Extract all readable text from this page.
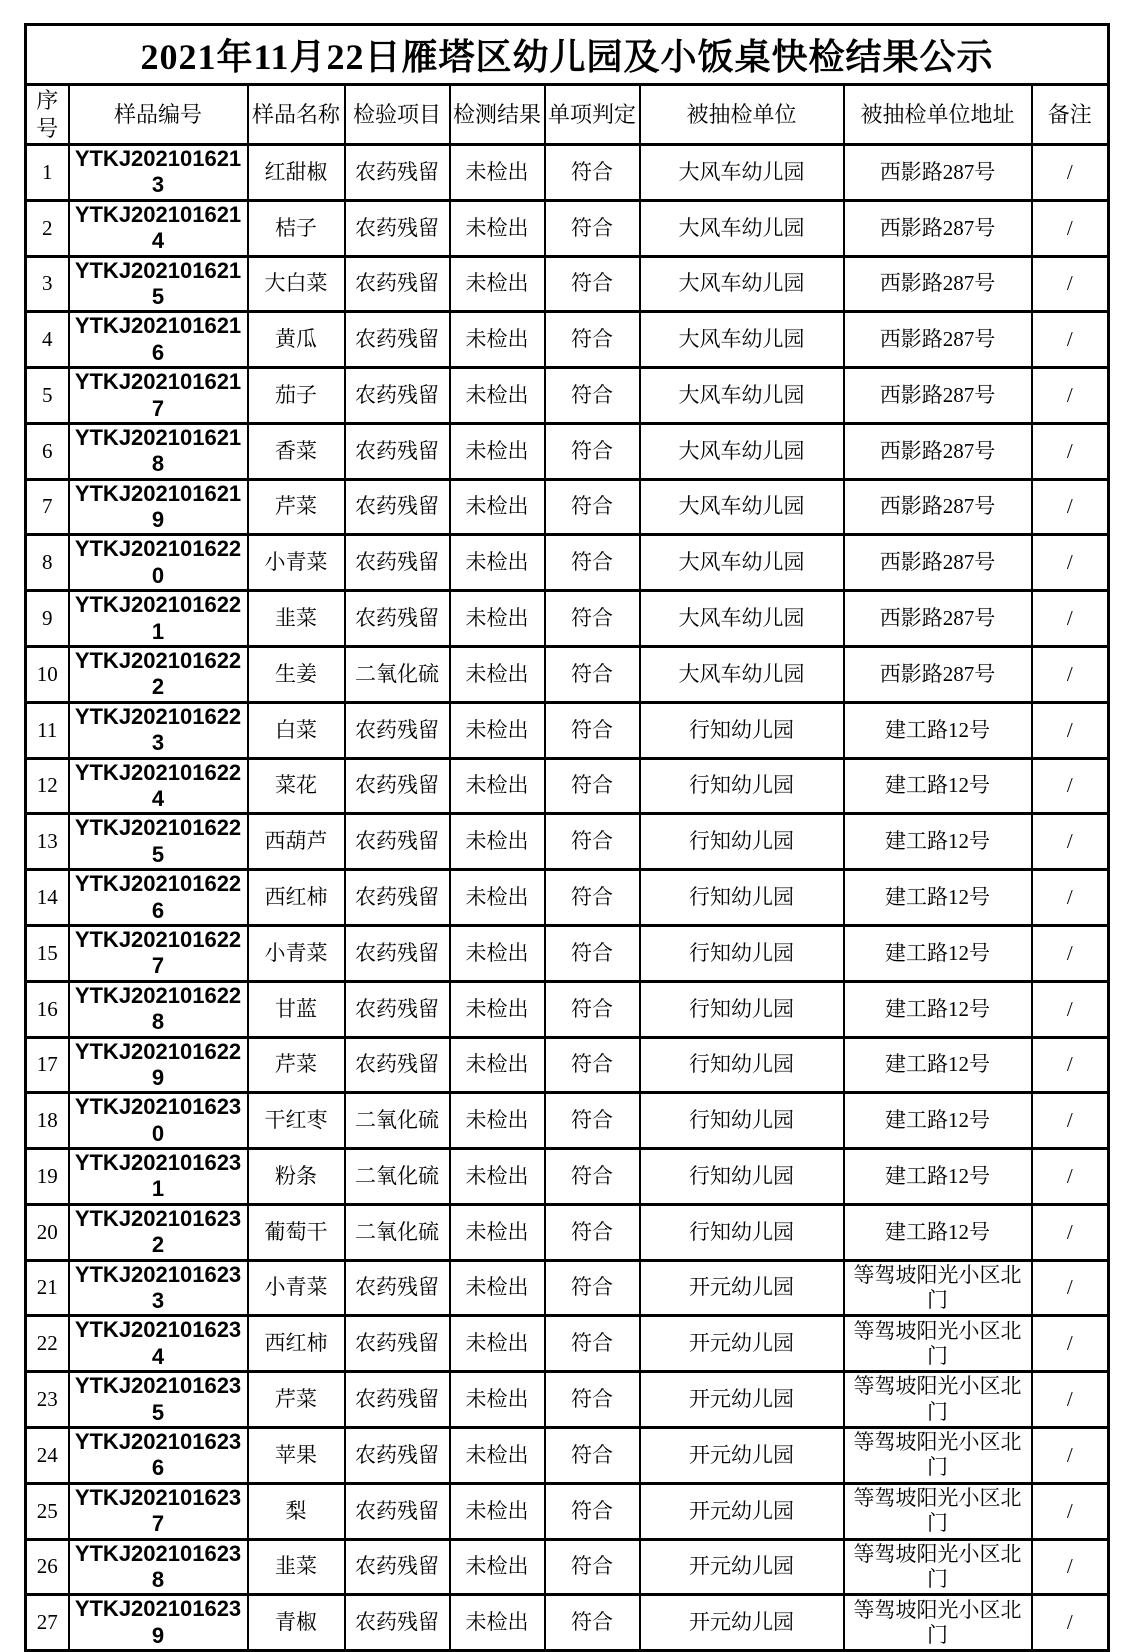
2021年11月22日雁塔区幼儿园及小饭桌快检结果公示								
序号	样品编号	样品名称	检验项目	检测结果	单项判定	被抽检单位	被抽检单位地址	备注
1	YTKJ2021016213	红甜椒	农药残留	未检出	符合	大风车幼儿园	西影路287号	/
2	YTKJ2021016214	桔子	农药残留	未检出	符合	大风车幼儿园	西影路287号	/
3	YTKJ2021016215	大白菜	农药残留	未检出	符合	大风车幼儿园	西影路287号	/
4	YTKJ2021016216	黄瓜	农药残留	未检出	符合	大风车幼儿园	西影路287号	/
5	YTKJ2021016217	茄子	农药残留	未检出	符合	大风车幼儿园	西影路287号	/
6	YTKJ2021016218	香菜	农药残留	未检出	符合	大风车幼儿园	西影路287号	/
7	YTKJ2021016219	芹菜	农药残留	未检出	符合	大风车幼儿园	西影路287号	/
8	YTKJ2021016220	小青菜	农药残留	未检出	符合	大风车幼儿园	西影路287号	/
9	YTKJ2021016221	韭菜	农药残留	未检出	符合	大风车幼儿园	西影路287号	/
10	YTKJ2021016222	生姜	二氧化硫	未检出	符合	大风车幼儿园	西影路287号	/
11	YTKJ2021016223	白菜	农药残留	未检出	符合	行知幼儿园	建工路12号	/
12	YTKJ2021016224	菜花	农药残留	未检出	符合	行知幼儿园	建工路12号	/
13	YTKJ2021016225	西葫芦	农药残留	未检出	符合	行知幼儿园	建工路12号	/
14	YTKJ2021016226	西红柿	农药残留	未检出	符合	行知幼儿园	建工路12号	/
15	YTKJ2021016227	小青菜	农药残留	未检出	符合	行知幼儿园	建工路12号	/
16	YTKJ2021016228	甘蓝	农药残留	未检出	符合	行知幼儿园	建工路12号	/
17	YTKJ2021016229	芹菜	农药残留	未检出	符合	行知幼儿园	建工路12号	/
18	YTKJ2021016230	干红枣	二氧化硫	未检出	符合	行知幼儿园	建工路12号	/
19	YTKJ2021016231	粉条	二氧化硫	未检出	符合	行知幼儿园	建工路12号	/
20	YTKJ2021016232	葡萄干	二氧化硫	未检出	符合	行知幼儿园	建工路12号	/
21	YTKJ2021016233	小青菜	农药残留	未检出	符合	开元幼儿园	等驾坡阳光小区北门	/
22	YTKJ2021016234	西红柿	农药残留	未检出	符合	开元幼儿园	等驾坡阳光小区北门	/
23	YTKJ2021016235	芹菜	农药残留	未检出	符合	开元幼儿园	等驾坡阳光小区北门	/
24	YTKJ2021016236	苹果	农药残留	未检出	符合	开元幼儿园	等驾坡阳光小区北门	/
25	YTKJ2021016237	梨	农药残留	未检出	符合	开元幼儿园	等驾坡阳光小区北门	/
26	YTKJ2021016238	韭菜	农药残留	未检出	符合	开元幼儿园	等驾坡阳光小区北门	/
27	YTKJ2021016239	青椒	农药残留	未检出	符合	开元幼儿园	等驾坡阳光小区北门	/
